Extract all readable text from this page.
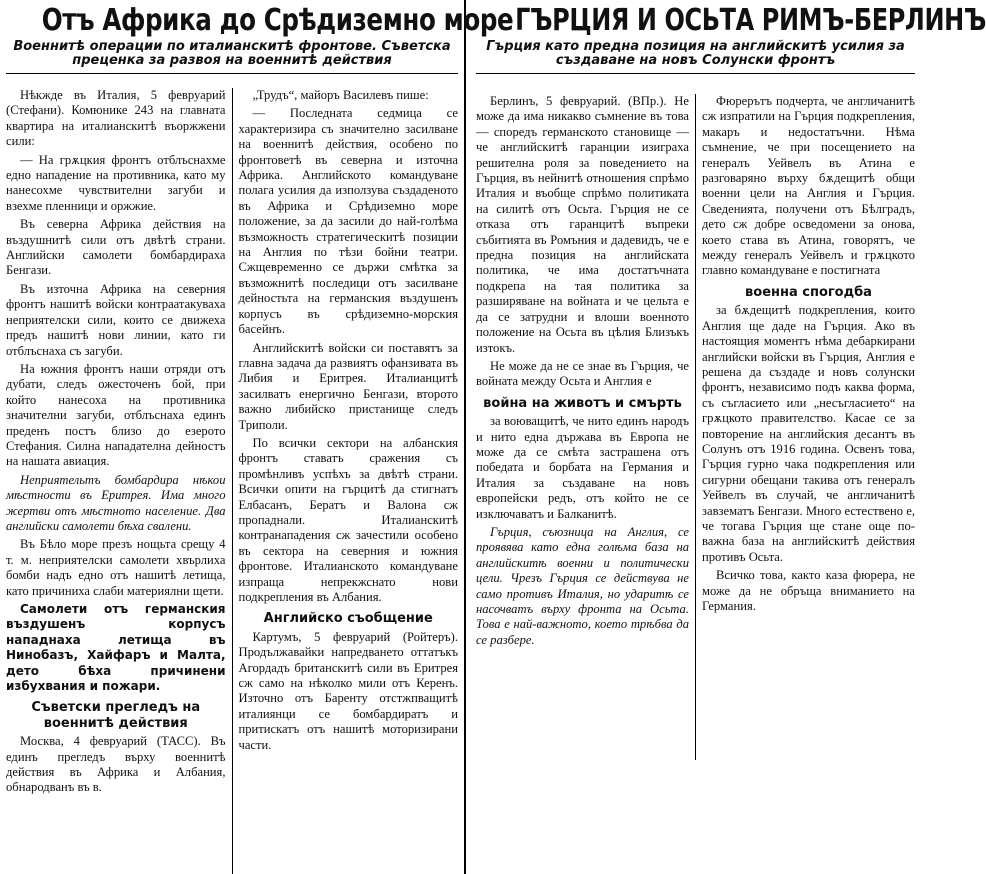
Отъ Африка до Срѣдиземно море
Военнитѣ операции по италианскитѣ фронтове. Съветска преценка за развоя на военнитѣ действия

Нѣкжде въ Италия, 5 февруарий (Стефани). Комюнике 243 на главната квартира на италианскитѣ въоржжени сили:

— На грѫцкия фронтъ отблъснахме едно нападение на противника, като му нанесохме чувствителни загуби и взехме пленници и оржжие.

Въ северна Африка действия на въздушнитѣ сили отъ двѣтѣ страни. Английски самолети бомбардираха Бенгази.

Въ източна Африка на северния фронтъ нашитѣ войски контраатакуваха неприятелски сили, които се движеха предъ нашитѣ нови линии, като ги отблъснаха съ загуби.

На южния фронтъ наши отряди отъ дубати, следъ ожесточенъ бой, при който нанесоха на противника значителни загуби, отблъснаха единъ преденъ постъ близо до езерото Стефания. Силна нападателна дейностъ на нашата авиация.

Неприятельтъ бомбардира нѣкои мѣстности въ Еритрея. Има много жертви отъ мѣстното население. Два английски самолети бѣха свалени.

Въ Бѣло море презъ нощьта срещу 4 т. м. неприятелски самолети хвърлиха бомби надъ едно отъ нашитѣ летища, като причиниха слаби материялни щети.

Самолети отъ германския въздушенъ корпусъ нападнаха летища въ Нинобазъ, Хайфаръ и Малта, дето бѣха причинени избухвания и пожари.

Съветски прегледъ на военнитѣ действия

Москва, 4 февруарий (ТАСС). Въ единъ прегледъ върху военнитѣ действия въ Африка и Албания, обнародванъ въ в.

„Трудъ“, майоръ Василевъ пише:

— Последната седмица се характеризира съ значително засилване на военнитѣ действия, особено по фронтоветѣ въ северна и източна Африка. Английското командуване полага усилия да използува създаденото въ Африка и Срѣдиземно море положение, за да засили до най-голѣма възможность стратегическитѣ позиции на Англия по тѣзи бойни театри. Сжщевременно се държи смѣтка за възможнитѣ последици отъ засилване дейностьта на германския въздушенъ корпусъ въ срѣдиземно-морския басейнъ.

Английскитѣ войски си поставятъ за главна задача да развиятъ офанзивата въ Либия и Еритрея. Италианцитѣ засилватъ енергично Бенгази, второто важно либийско пристанище следъ Триполи.

По всички сектори на албанския фронтъ ставатъ сражения съ промѣнливъ успѣхъ за двѣтѣ страни. Всички опити на гърцитѣ да стигнатъ Елбасанъ, Бератъ и Валона сж пропаднали. Италианскитѣ контранападения сж зачестили особено въ сектора на северния и южния фронтове. Италианското командуване изпраща непрекжснато нови подкрепления въ Албания.

Английско съобщение

Картумъ, 5 февруарий (Ройтеръ). Продължавайки напредването оттатъкъ Агордадъ британскитѣ сили въ Еритрея сж само на нѣколко мили отъ Керенъ. Източно отъ Баренту отстжпващитѣ италиянци се бомбардиратъ и притискатъ отъ нашитѣ моторизирани части.

ГЪРЦИЯ И ОСЬТА РИМЪ-БЕРЛИНЪ
Гърция като предна позиция на английскитѣ усилия за създаване на новъ Солунски фронтъ

Берлинъ, 5 февруарий. (ВПр.). Не може да има никакво съмнение въ това — споредъ германското становище — че английскитѣ гаранции изиграха решителна роля за поведението на Гърция, въ нейнитѣ отношения спрѣмо Италия и въобще спрѣмо политиката на силитѣ отъ Осьта. Гърция не се отказа отъ гаранцитѣ въпреки събитията въ Ромъния и дадевидъ, че е предна позиция на английската политика, че има достатъчната подкрепа на тая политика за разширяване на войната и че цельта е да се затрудни и влоши военното положение на Осьта въ цѣлия Близъкъ изтокъ.

Не може да не се знае въ Гърция, че войната между Осьта и Англия е

война на животъ и смърть

за воюващитѣ, че нито единъ народъ и нито една държава въ Европа не може да се смѣта застрашена отъ победата и борбата на Германия и Италия за създаване на новъ европейски редъ, отъ който не се изключаватъ и Балканитѣ.

Гърция, съюзница на Англия, се проявява като една голѣма база на английскитѣ военни и политически цели. Чрезъ Гърция се действува не само противъ Италия, но ударитѣ се насочватъ върху фронта на Осьта. Това е най-важното, което трѣбва да се разбере.

Фюрерътъ подчерта, че англичанитѣ сж изпратили на Гърция подкрепления, макаръ и недостатъчни. Нѣма съмнение, че при посещението на генералъ Уейвелъ въ Атина е разговаряно върху бѫдещитѣ общи военни цели на Англия и Гърция. Сведенията, получени отъ Бѣлградъ, дето сж добре осведомени за онова, което става въ Атина, говорятъ, че между генералъ Уейвелъ и грѫцкото главно командуване е постигната

военна спогодба

за бѫдещитѣ подкрепления, които Англия ще даде на Гърция. Ако въ настоящия моментъ нѣма дебаркирани английски войски въ Гърция, Англия е решена да създаде и новъ солунски фронтъ, независимо подъ каква форма, съ съгласието или „несъгласието“ на грѫцкото правителство. Касае се за повторение на английския десантъ въ Солунъ отъ 1916 година. Освенъ това, Гърция гурно чака подкрепления или сигурни обещани такива отъ генералъ Уейвелъ въ случай, че англичанитѣ завзематъ Бенгази. Много естествено е, че тогава Гърция ще стане още по-важна база на английскитѣ действия противъ Осьта.

Всичко това, както каза фюрера, не може да не обръща вниманието на Германия.
